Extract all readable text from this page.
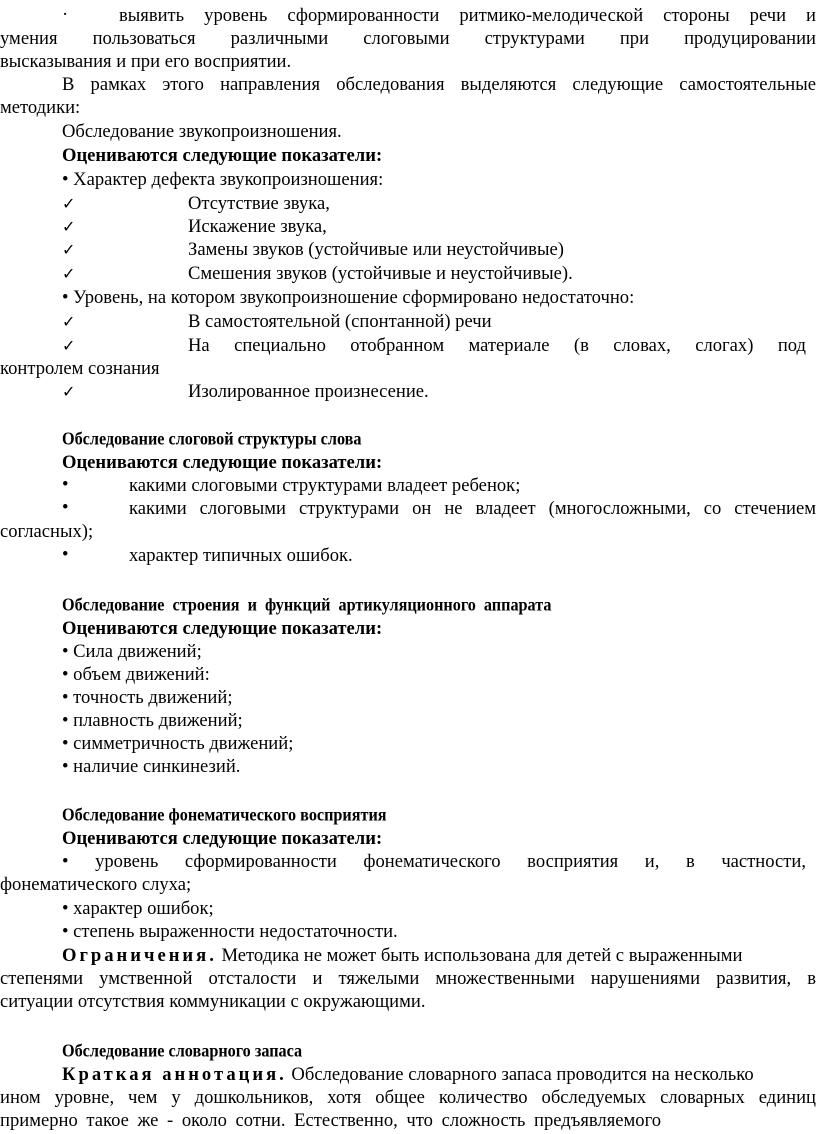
·	выявить уровень сформированности ритмико-мелодической стороны речи и
умения пользоваться различными слоговыми структурами при продуцировании
высказывания и при его восприятии.
В рамках этого направления обследования выделяются следующие самостоятельные
методики:
Обследование звукопроизношения.
Оцениваются следующие показатели:
• Характер дефекта звукопроизношения:
✓	Отсутствие звука,
✓	Искажение звука,
✓	Замены звуков (устойчивые или неустойчивые)
✓	Смешения звуков (устойчивые и неустойчивые).
• Уровень, на котором звукопроизношение сформировано недостаточно:
✓	В самостоятельной (спонтанной) речи
✓	На специально отобранном материале (в словах, слогах) под
контролем сознания
✓	Изолированное произнесение.
Обследование слоговой структуры слова
Оцениваются следующие показатели:
•	какими слоговыми структурами владеет ребенок;
•	какими слоговыми структурами он не владеет (многосложными, со стечением
согласных);
•	характер типичных ошибок.
Обследование строения и функций артикуляционного аппарата
Оцениваются следующие показатели:
• Сила движений;
• объем движений:
• точность движений;
• плавность движений;
• симметричность движений;
• наличие синкинезий.
Обследование фонематического восприятия
Оцениваются следующие показатели:
• уровень сформированности фонематического восприятия и, в частности,
фонематического слуха;
• характер ошибок;
• степень выраженности недостаточности.
Ограничения. Методика не может быть использована для детей с выраженными
степенями умственной отсталости и тяжелыми множественными нарушениями развития, в
ситуации отсутствия коммуникации с окружающими.
Обследование словарного запаса
Краткая аннотация. Обследование словарного запаса проводится на несколько
ином уровне, чем у дошкольников, хотя общее количество обследуемых словарных единиц
примерно такое же - около сотни. Естественно, что сложность предъявляемого
